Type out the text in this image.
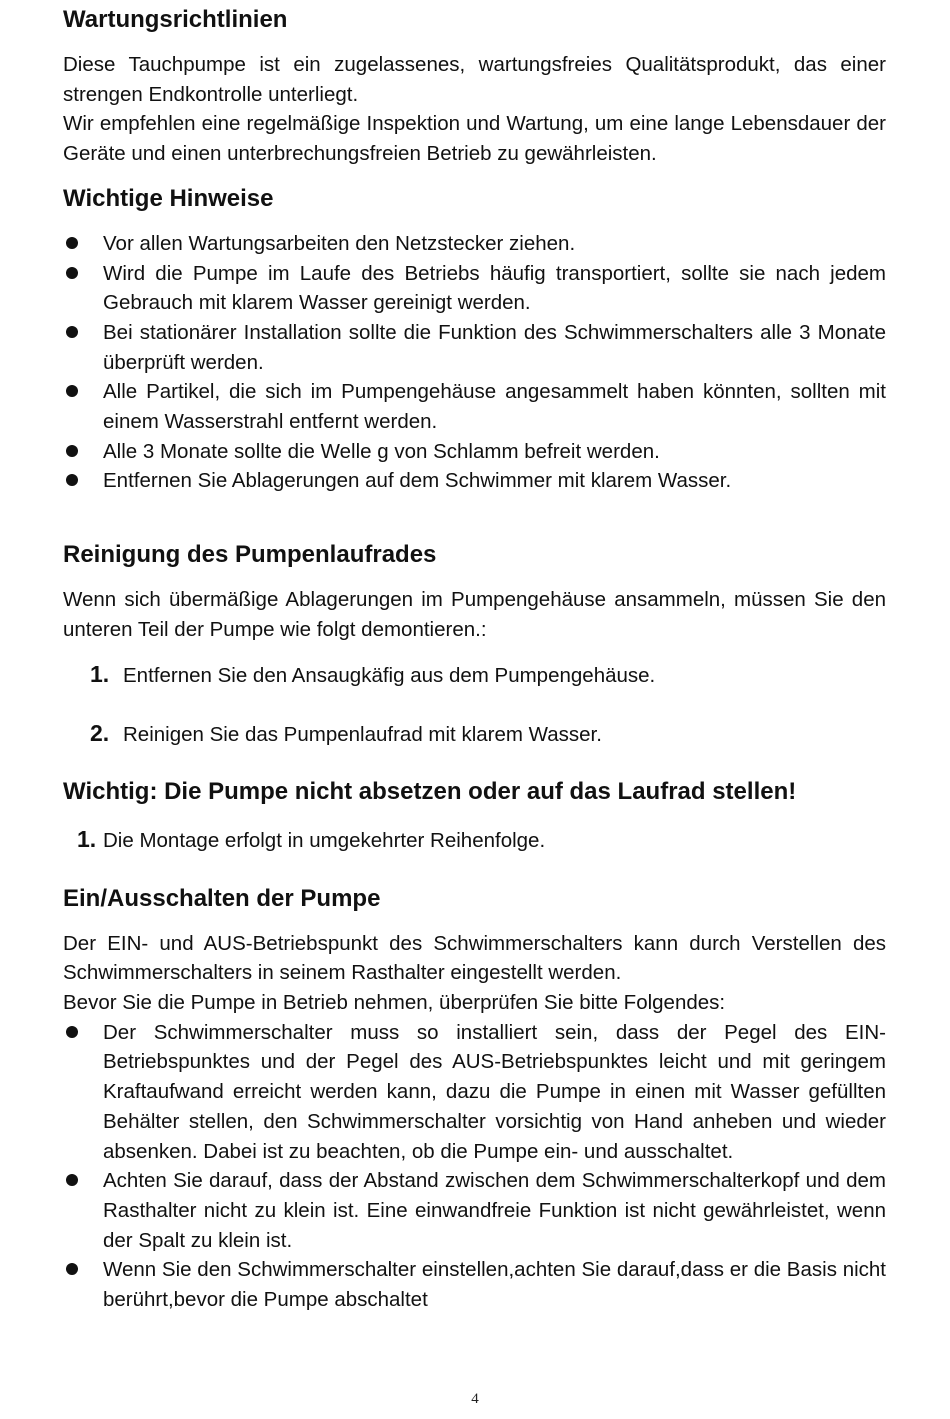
Wartungsrichtlinien

Diese Tauchpumpe ist ein zugelassenes, wartungsfreies Qualitätsprodukt, das einer strengen Endkontrolle unterliegt.

Wir empfehlen eine regelmäßige Inspektion und Wartung, um eine lange Lebensdauer der Geräte und einen unterbrechungsfreien Betrieb zu gewährleisten.

Wichtige Hinweise
Vor allen Wartungsarbeiten den Netzstecker ziehen.
Wird die Pumpe im Laufe des Betriebs häufig transportiert, sollte sie nach jedem Gebrauch mit klarem Wasser gereinigt werden.
Bei stationärer Installation sollte die Funktion des Schwimmerschalters alle 3 Monate überprüft werden.
Alle Partikel, die sich im Pumpengehäuse angesammelt haben könnten, sollten mit einem Wasserstrahl entfernt werden.
Alle 3 Monate sollte die Welle g von Schlamm befreit werden.
Entfernen Sie Ablagerungen auf dem Schwimmer mit klarem Wasser.
Reinigung des Pumpenlaufrades

Wenn sich übermäßige Ablagerungen im Pumpengehäuse ansammeln, müssen Sie den unteren Teil der Pumpe wie folgt demontieren.:

1. Entfernen Sie den Ansaugkäfig aus dem Pumpengehäuse.
2. Reinigen Sie das Pumpenlaufrad mit klarem Wasser.
Wichtig: Die Pumpe nicht absetzen oder auf das Laufrad stellen!
1. Die Montage erfolgt in umgekehrter Reihenfolge.
Ein/Ausschalten der Pumpe

Der EIN- und AUS-Betriebspunkt des Schwimmerschalters kann durch Verstellen des Schwimmerschalters in seinem Rasthalter eingestellt werden.

Bevor Sie die Pumpe in Betrieb nehmen, überprüfen Sie bitte Folgendes:

Der Schwimmerschalter muss so installiert sein, dass der Pegel des EIN-Betriebspunktes und der Pegel des AUS-Betriebspunktes leicht und mit geringem Kraftaufwand erreicht werden kann, dazu die Pumpe in einen mit Wasser gefüllten Behälter stellen, den Schwimmerschalter vorsichtig von Hand anheben und wieder absenken. Dabei ist zu beachten, ob die Pumpe ein- und ausschaltet.
Achten Sie darauf, dass der Abstand zwischen dem Schwimmerschalterkopf und dem Rasthalter nicht zu klein ist. Eine einwandfreie Funktion ist nicht gewährleistet, wenn der Spalt zu klein ist.
Wenn Sie den Schwimmerschalter einstellen,achten Sie darauf,dass er die Basis nicht berührt,bevor die Pumpe abschaltet
4
